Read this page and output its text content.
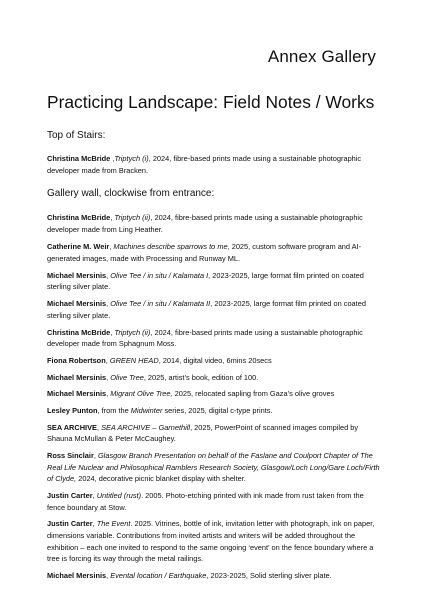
Annex Gallery
Practicing Landscape: Field Notes / Works
Top of Stairs:

Christina McBride ,Triptych (i), 2024, fibre-based prints made using a sustainable photographic developer made from Bracken.

Gallery wall, clockwise from entrance:

Christina McBride, Triptych (ii), 2024, fibre-based prints made using a sustainable photographic developer made from Ling Heather.

Catherine M. Weir, Machines describe sparrows to me, 2025, custom software program and AI-generated images, made with Processing and Runway ML.

Michael Mersinis, Olive Tee / in situ / Kalamata I, 2023-2025, large format film printed on coated sterling silver plate.

Michael Mersinis, Olive Tee / in situ / Kalamata II, 2023-2025, large format film printed on coated sterling silver plate.

Christina McBride, Triptych (ii), 2024, fibre-based prints made using a sustainable photographic developer made from Sphagnum Moss.

Fiona Robertson, GREEN HEAD, 2014, digital video, 6mins 20secs

Michael Mersinis, Olive Tree, 2025, artist’s book, edition of 100.

Michael Mersinis, Migrant Olive Tree, 2025, relocated sapling from Gaza’s olive groves

Lesley Punton, from the Midwinter series, 2025, digital c-type prints.

SEA ARCHIVE, SEA ARCHIVE – Garnethill, 2025, PowerPoint of scanned images compiled by Shauna McMullan & Peter McCaughey.

Ross Sinclair, Glasgow Branch Presentation on behalf of the Faslane and Coulport Chapter of The Real Life Nuclear and Philosophical Ramblers Research Society, Glasgow/Loch Long/Gare Loch/Firth of Clyde, 2024, decorative picnic blanket display with shelter.

Justin Carter, Untitled (rust). 2005. Photo-etching printed with ink made from rust taken from the fence boundary at Stow.

Justin Carter, The Event. 2025. Vitrines, bottle of ink, invitation letter with photograph, ink on paper, dimensions variable. Contributions from invited artists and writers will be added throughout the exhibition – each one invited to respond to the same ongoing ‘event’ on the fence boundary where a tree is forcing its way through the metal railings.

Michael Mersinis, Evental location / Earthquake, 2023-2025, Solid sterling sliver plate.
